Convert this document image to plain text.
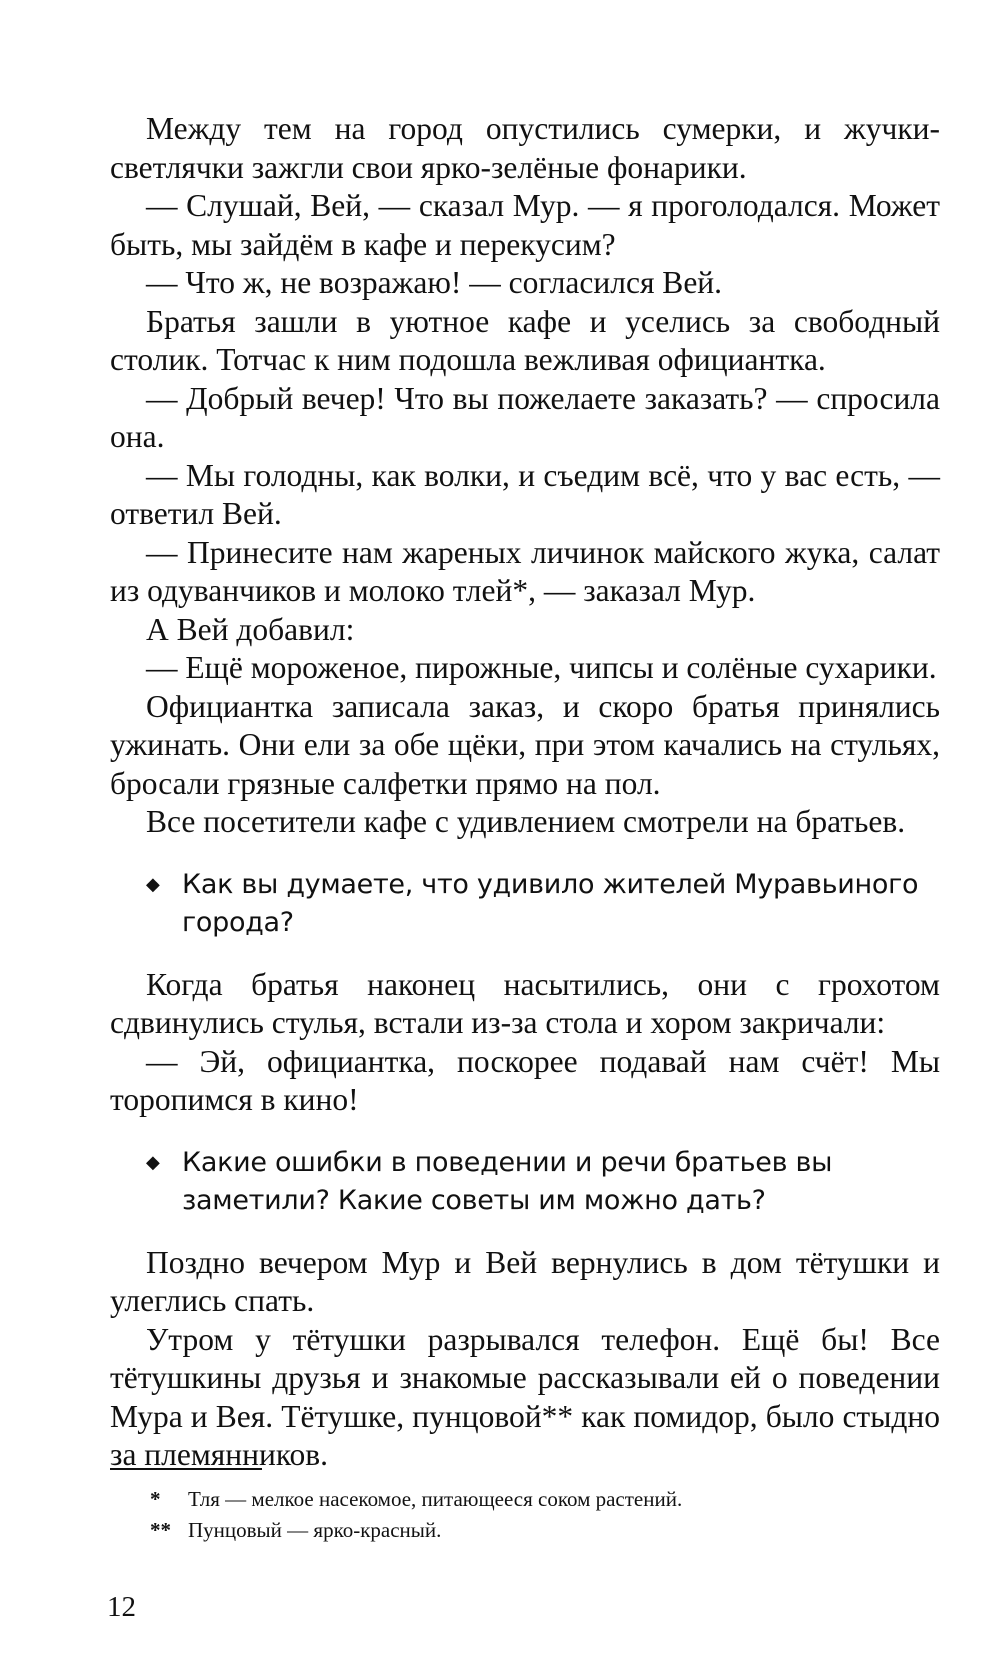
Между тем на город опустились сумерки, и жучки-светлячки зажгли свои ярко-зелёные фонарики.

— Слушай, Вей, — сказал Мур. — я проголодался. Может быть, мы зайдём в кафе и перекусим?

— Что ж, не возражаю! — согласился Вей.

Братья зашли в уютное кафе и уселись за свободный столик. Тотчас к ним подошла вежливая официантка.

— Добрый вечер! Что вы пожелаете заказать? — спросила она.

— Мы голодны, как волки, и съедим всё, что у вас есть, — ответил Вей.

— Принесите нам жареных личинок майского жука, салат из одуванчиков и молоко тлей*, — заказал Мур.

А Вей добавил:

— Ещё мороженое, пирожные, чипсы и солёные сухарики.

Официантка записала заказ, и скоро братья принялись ужинать. Они ели за обе щёки, при этом качались на стульях, бросали грязные салфетки прямо на пол.

Все посетители кафе с удивлением смотрели на братьев.

◆ Как вы думаете, что удивило жителей Муравьиного города?

Когда братья наконец насытились, они с грохотом сдвинулись стулья, встали из-за стола и хором закричали:

— Эй, официантка, поскорее подавай нам счёт! Мы торопимся в кино!

◆ Какие ошибки в поведении и речи братьев вы заметили? Какие советы им можно дать?

Поздно вечером Мур и Вей вернулись в дом тётушки и улеглись спать.

Утром у тётушки разрывался телефон. Ещё бы! Все тётушкины друзья и знакомые рассказывали ей о поведении Мура и Вея. Тётушке, пунцовой** как помидор, было стыдно за племянников.

*	Тля — мелкое насекомое, питающееся соком растений.
** Пунцовый — ярко-красный.
12
